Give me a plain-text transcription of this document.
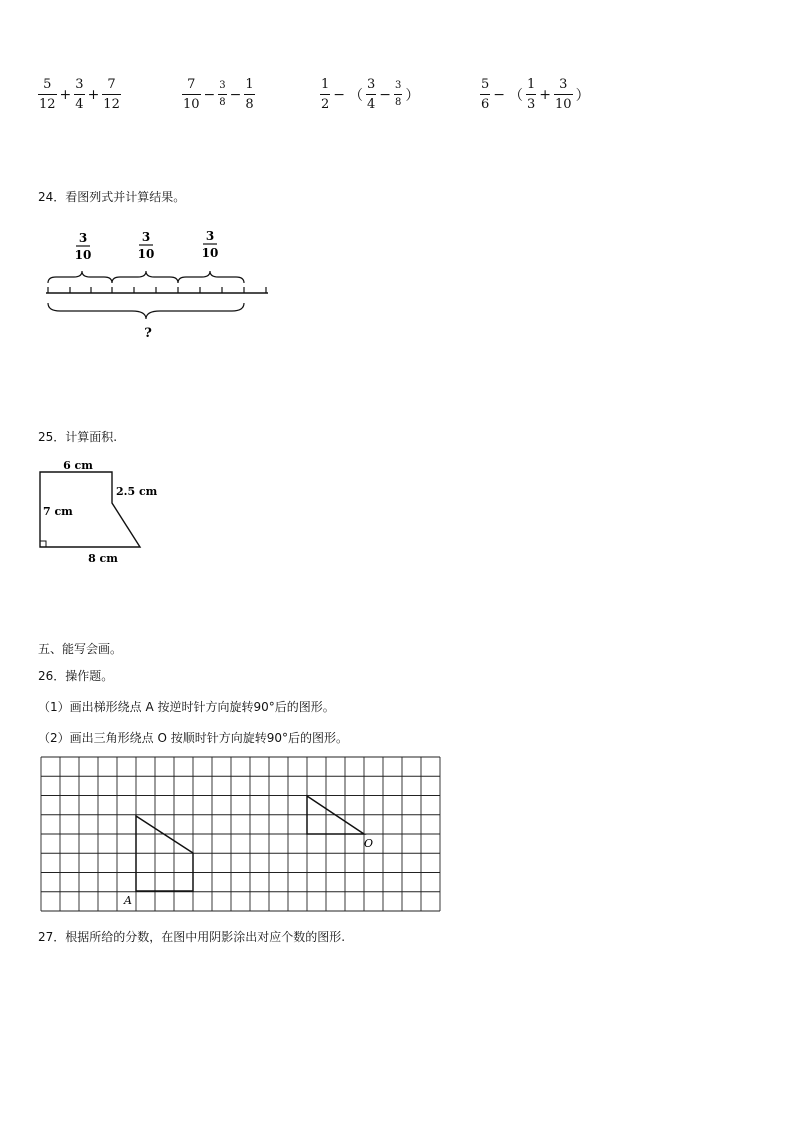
$\frac{5}{12} + \frac{3}{4} + \frac{7}{12}$	$\frac{7}{10} - \frac{3}{8} - \frac{1}{8}$	$\frac{1}{2}$ − （ $\frac{3}{4} - \frac{3}{8}$ ）	$\frac{5}{6}$ − （ $\frac{1}{3} + \frac{3}{10}$ ）
24．看图列式并计算结果。
3
10
3
10
3
10
?
25．计算面积.
6 cm
2.5 cm
7 cm
8 cm
五、能写会画。
26．操作题。
（1）画出梯形绕点 A 按逆时针方向旋转90°后的图形。
（2）画出三角形绕点 O 按顺时针方向旋转90°后的图形。
A
O
27．根据所给的分数，在图中用阴影涂出对应个数的图形.
